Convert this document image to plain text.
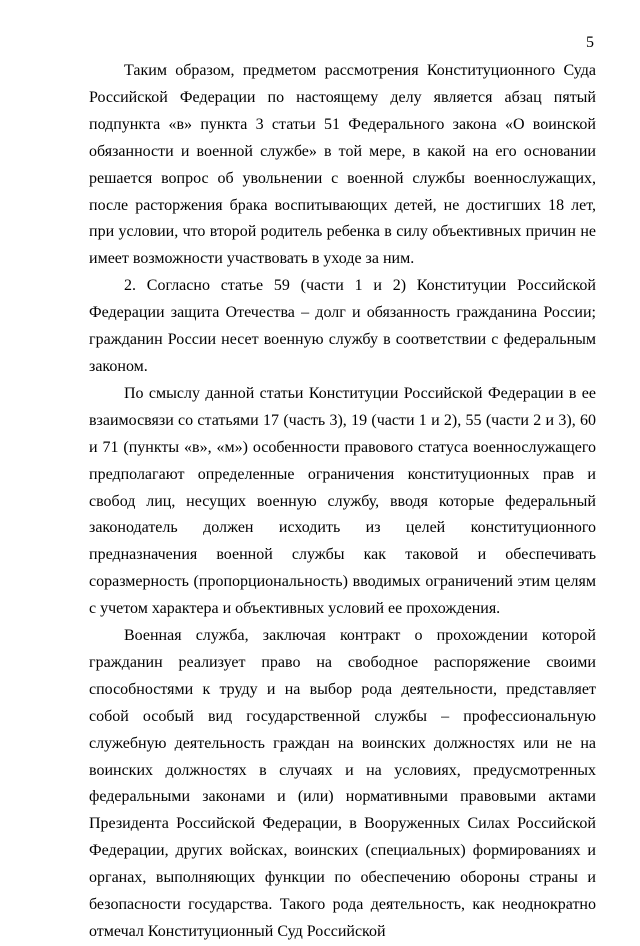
5

Таким образом, предметом рассмотрения Конституционного Суда Российской Федерации по настоящему делу является абзац пятый подпункта «в» пункта 3 статьи 51 Федерального закона «О воинской обязанности и военной службе» в той мере, в какой на его основании решается вопрос об увольнении с военной службы военнослужащих, после расторжения брака воспитывающих детей, не достигших 18 лет, при условии, что второй родитель ребенка в силу объективных причин не имеет возможности участвовать в уходе за ним.

2. Согласно статье 59 (части 1 и 2) Конституции Российской Федерации защита Отечества – долг и обязанность гражданина России; гражданин России несет военную службу в соответствии с федеральным законом.

По смыслу данной статьи Конституции Российской Федерации в ее взаимосвязи со статьями 17 (часть 3), 19 (части 1 и 2), 55 (части 2 и 3), 60 и 71 (пункты «в», «м») особенности правового статуса военнослужащего предполагают определенные ограничения конституционных прав и свобод лиц, несущих военную службу, вводя которые федеральный законодатель должен исходить из целей конституционного предназначения военной службы как таковой и обеспечивать соразмерность (пропорциональность) вводимых ограничений этим целям с учетом характера и объективных условий ее прохождения.

Военная служба, заключая контракт о прохождении которой гражданин реализует право на свободное распоряжение своими способностями к труду и на выбор рода деятельности, представляет собой особый вид государственной службы – профессиональную служебную деятельность граждан на воинских должностях или не на воинских должностях в случаях и на условиях, предусмотренных федеральными законами и (или) нормативными правовыми актами Президента Российской Федерации, в Вооруженных Силах Российской Федерации, других войсках, воинских (специальных) формированиях и органах, выполняющих функции по обеспечению обороны страны и безопасности государства. Такого рода деятельность, как неоднократно отмечал Конституционный Суд Российской
